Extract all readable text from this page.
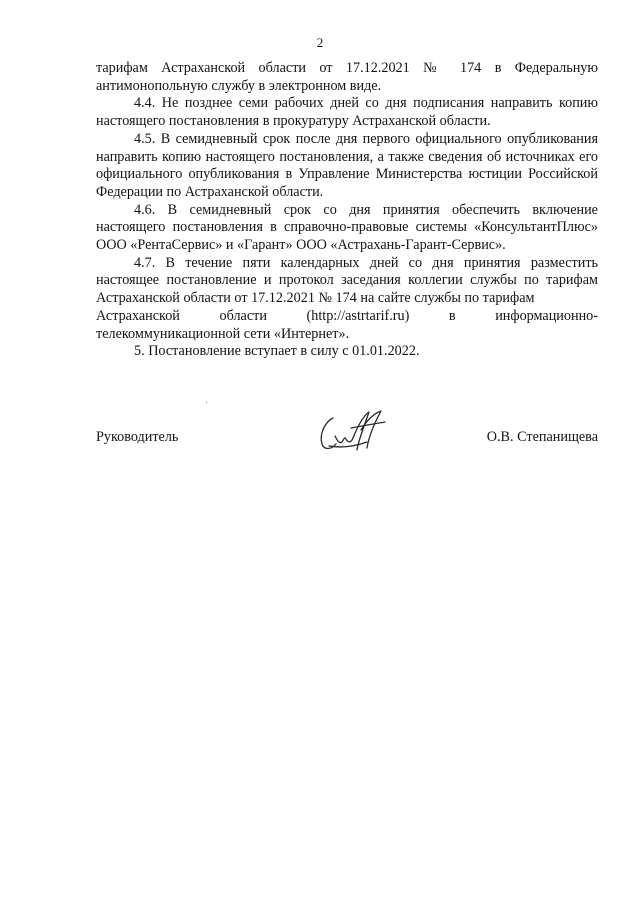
2

тарифам Астраханской области от 17.12.2021 № 174 в Федеральную антимонопольную службу в электронном виде.

4.4. Не позднее семи рабочих дней со дня подписания направить копию настоящего постановления в прокуратуру Астраханской области.

4.5. В семидневный срок после дня первого официального опубликования направить копию настоящего постановления, а также сведения об источниках его официального опубликования в Управление Министерства юстиции Российской Федерации по Астраханской области.

4.6. В семидневный срок со дня принятия обеспечить включение настоящего постановления в справочно-правовые системы «КонсультантПлюс» ООО «РентаСервис» и «Гарант» ООО «Астрахань-Гарант-Сервис».

4.7. В течение пяти календарных дней со дня принятия разместить настоящее постановление и протокол заседания коллегии службы по тарифам Астраханской области от 17.12.2021 № 174 на сайте службы по тарифам

Астраханской	области	(http://astrtarif.ru)	в	информационно-

телекоммуникационной сети «Интернет».

5. Постановление вступает в силу с 01.01.2022.

Руководитель	О.В. Степанищева
